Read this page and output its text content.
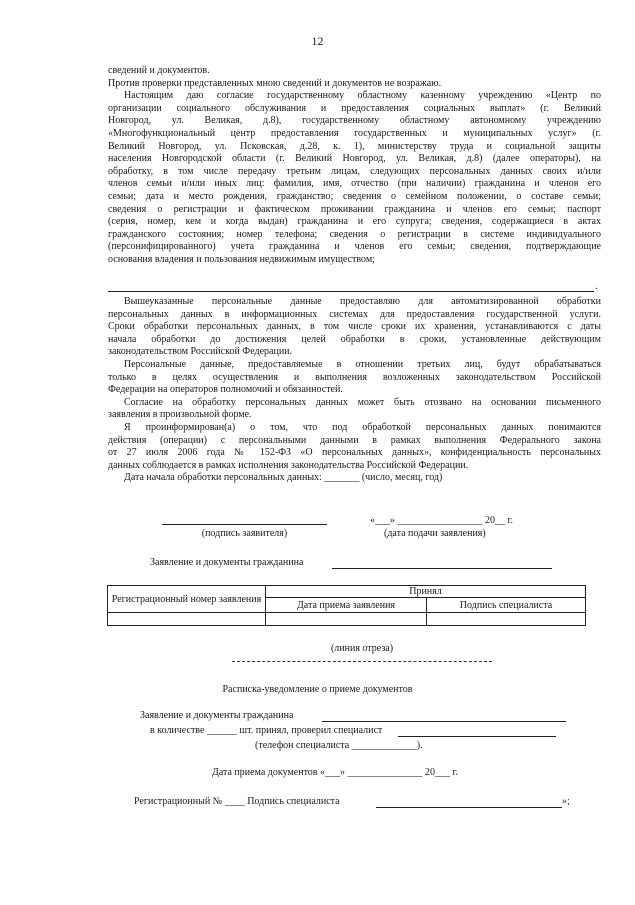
12
сведений и документов.
Против проверки представленных мною сведений и документов не возражаю.
Настоящим даю согласие государственному областному казенному учреждению «Центр по
организации социального обслуживания и предоставления социальных выплат» (г. Великий
Новгород, ул. Великая, д.8), государственному областному автономному учреждению
«Многофункциональный центр предоставления государственных и муниципальных услуг» (г.
Великий Новгород, ул. Псковская, д.28, к. 1), министерству труда и социальной защиты
населения Новгородской области (г. Великий Новгород, ул. Великая, д.8) (далее операторы), на
обработку, в том числе передачу третьим лицам, следующих персональных данных своих и/или
членов семьи и/или иных лиц: фамилия, имя, отчество (при наличии) гражданина и членов его
семьи; дата и место рождения, гражданство; сведения о семейном положении, о составе семьи;
сведения о регистрации и фактическом проживании гражданина и членов его семьи; паспорт
(серия, номер, кем и когда выдан) гражданина и его супруга; сведения, содержащиеся в актах
гражданского состояния; номер телефона; сведения о регистрации в системе индивидуального
(персонифицированного) учета гражданина и членов его семьи; сведения, подтверждающие
основания владения и пользования недвижимым имуществом;
.
Вышеуказанные персональные данные предоставляю для автоматизированной обработки
персональных данных в информационных системах для предоставления государственной услуги.
Сроки обработки персональных данных, в том числе сроки их хранения, устанавливаются с даты
начала обработки до достижения целей обработки в сроки, установленные действующим
законодательством Российской Федерации.
Персональные данные, предоставляемые в отношении третьих лиц, будут обрабатываться
только в целях осуществления и выполнения возложенных законодательством Российской
Федерации на операторов полномочий и обязанностей.
Согласие на обработку персональных данных может быть отозвано на основании письменного
заявления в произвольной форме.
Я проинформирован(а) о том, что под обработкой персональных данных понимаются
действия (операции) с персональными данными в рамках выполнения Федерального закона
от 27 июля 2006 года № 152-ФЗ «О персональных данных», конфиденциальность персональных
данных соблюдается в рамках исполнения законодательства Российской Федерации.
Дата начала обработки персональных данных: _______ (число, месяц, год)
«___» _________________ 20__ г.
(подпись заявителя)	(дата подачи заявления)
Заявление и документы гражданина
Регистрационный номер заявления	Принял	
	Дата приема заявления	Подпись специалиста

(линия отреза)
Расписка-уведомление о приеме документов
Заявление и документы гражданина
в количестве ______ шт. принял, проверил специалист
(телефон специалиста _____________).
Дата приема документов «___» _______________ 20___ г.
Регистрационный № ____ Подпись специалиста	»;
